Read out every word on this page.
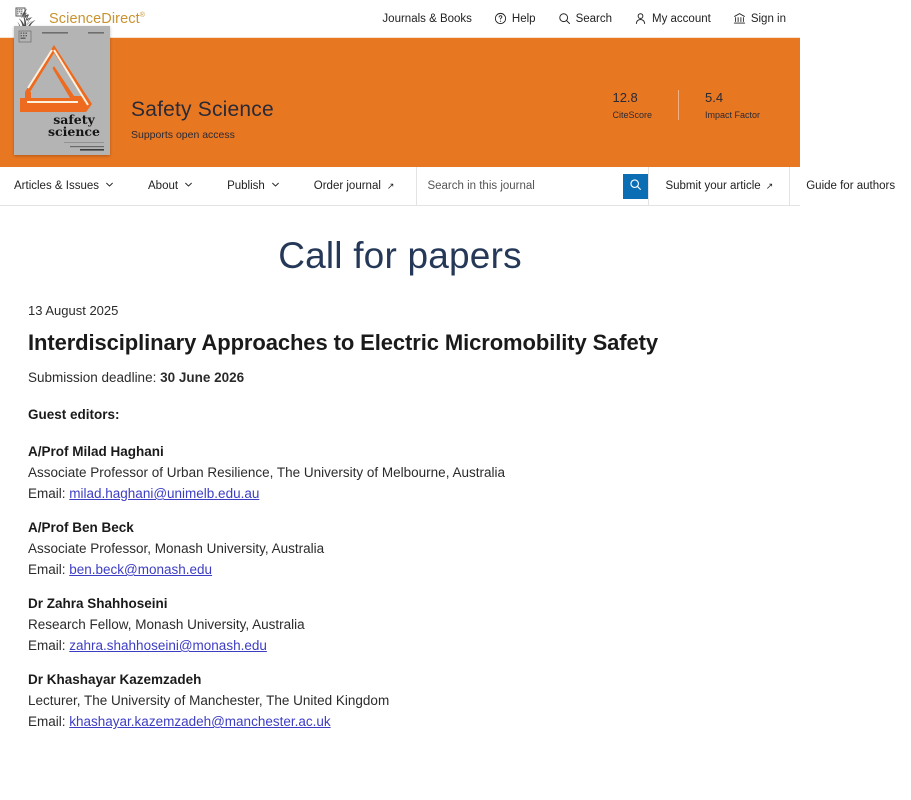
ScienceDirect®	Journals & Books	Help	Search	My account	Sign in
safety
science
Safety Science
Supports open access
12.8
CiteScore
5.4
Impact Factor
Articles & Issues	About	Publish	Order journal ↗
Search in this journal	Submit your article ↗	Guide for authors
Call for papers
13 August 2025
Interdisciplinary Approaches to Electric Micromobility Safety
Submission deadline: 30 June 2026
Guest editors:
A/Prof Milad Haghani
Associate Professor of Urban Resilience, The University of Melbourne, Australia
Email: milad.haghani@unimelb.edu.au
A/Prof Ben Beck
Associate Professor, Monash University, Australia
Email: ben.beck@monash.edu
Dr Zahra Shahhoseini
Research Fellow, Monash University, Australia
Email: zahra.shahhoseini@monash.edu
Dr Khashayar Kazemzadeh
Lecturer, The University of Manchester, The United Kingdom
Email: khashayar.kazemzadeh@manchester.ac.uk
